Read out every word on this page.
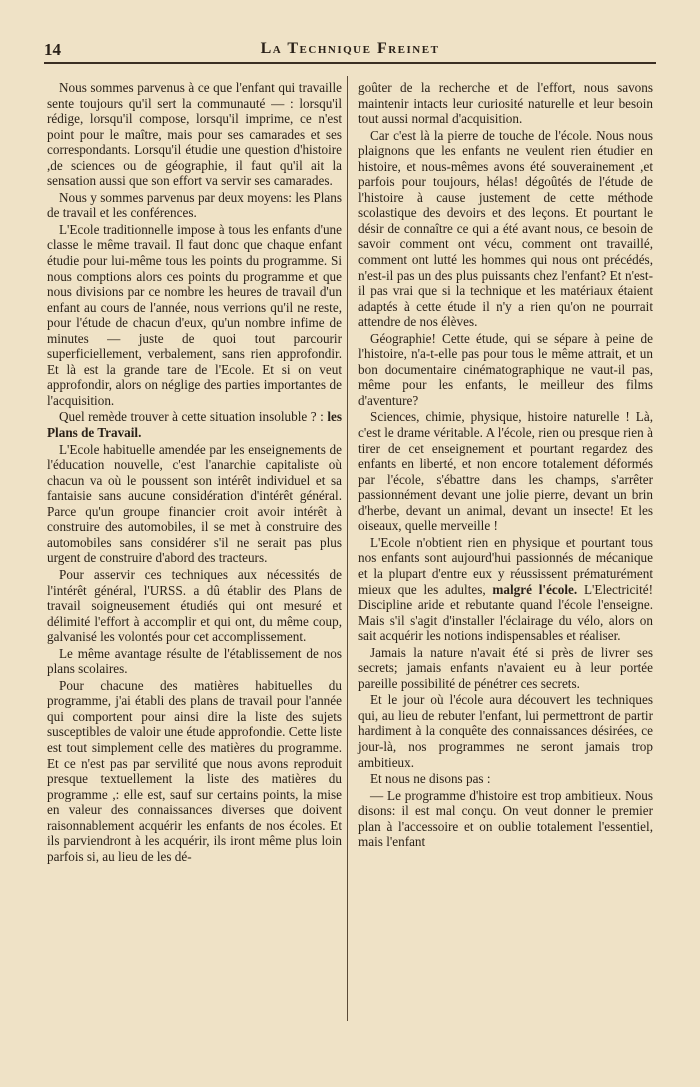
14	La Technique Freinet

Nous sommes parvenus à ce que l'enfant qui travaille sente toujours qu'il sert la communauté — : lorsqu'il rédige, lorsqu'il compose, lorsqu'il imprime, ce n'est point pour le maître, mais pour ses camarades et ses correspondants. Lorsqu'il étudie une question d'histoire ,de sciences ou de géographie, il faut qu'il ait la sensation aussi que son effort va servir ses camarades.

Nous y sommes parvenus par deux moyens: les Plans de travail et les conférences.

L'Ecole traditionnelle impose à tous les enfants d'une classe le même travail. Il faut donc que chaque enfant étudie pour lui-même tous les points du programme. Si nous comptions alors ces points du programme et que nous divisions par ce nombre les heures de travail d'un enfant au cours de l'année, nous verrions qu'il ne reste, pour l'étude de chacun d'eux, qu'un nombre infime de minutes — juste de quoi tout parcourir superficiellement, verbalement, sans rien approfondir. Et là est la grande tare de l'Ecole. Et si on veut approfondir, alors on néglige des parties importantes de l'acquisition.

Quel remède trouver à cette situation insoluble ? : les Plans de Travail.

L'Ecole habituelle amendée par les enseignements de l'éducation nouvelle, c'est l'anarchie capitaliste où chacun va où le poussent son intérêt individuel et sa fantaisie sans aucune considération d'intérêt général. Parce qu'un groupe financier croit avoir intérêt à construire des automobiles, il se met à construire des automobiles sans considérer s'il ne serait pas plus urgent de construire d'abord des tracteurs.

Pour asservir ces techniques aux nécessités de l'intérêt général, l'URSS. a dû établir des Plans de travail soigneusement étudiés qui ont mesuré et délimité l'effort à accomplir et qui ont, du même coup, galvanisé les volontés pour cet accomplissement.

Le même avantage résulte de l'établissement de nos plans scolaires.

Pour chacune des matières habituelles du programme, j'ai établi des plans de travail pour l'année qui comportent pour ainsi dire la liste des sujets susceptibles de valoir une étude approfondie. Cette liste est tout simplement celle des matières du programme. Et ce n'est pas par servilité que nous avons reproduit presque textuellement la liste des matières du programme ,: elle est, sauf sur certains points, la mise en valeur des connaissances diverses que doivent raisonnablement acquérir les enfants de nos écoles. Et ils parviendront à les acquérir, ils iront même plus loin parfois si, au lieu de les dé-

goûter de la recherche et de l'effort, nous savons maintenir intacts leur curiosité naturelle et leur besoin tout aussi normal d'acquisition.

Car c'est là la pierre de touche de l'école. Nous nous plaignons que les enfants ne veulent rien étudier en histoire, et nous-mêmes avons été souverainement ,et parfois pour toujours, hélas! dégoûtés de l'étude de l'histoire à cause justement de cette méthode scolastique des devoirs et des leçons. Et pourtant le désir de connaître ce qui a été avant nous, ce besoin de savoir comment ont vécu, comment ont travaillé, comment ont lutté les hommes qui nous ont précédés, n'est-il pas un des plus puissants chez l'enfant? Et n'est-il pas vrai que si la technique et les matériaux étaient adaptés à cette étude il n'y a rien qu'on ne pourrait attendre de nos élèves.

Géographie! Cette étude, qui se sépare à peine de l'histoire, n'a-t-elle pas pour tous le même attrait, et un bon documentaire cinématographique ne vaut-il pas, même pour les enfants, le meilleur des films d'aventure?

Sciences, chimie, physique, histoire naturelle ! Là, c'est le drame véritable. A l'école, rien ou presque rien à tirer de cet enseignement et pourtant regardez des enfants en liberté, et non encore totalement déformés par l'école, s'ébattre dans les champs, s'arrêter passionnément devant une jolie pierre, devant un brin d'herbe, devant un animal, devant un insecte! Et les oiseaux, quelle merveille !

L'Ecole n'obtient rien en physique et pourtant tous nos enfants sont aujourd'hui passionnés de mécanique et la plupart d'entre eux y réussissent prématurément mieux que les adultes, malgré l'école. L'Electricité! Discipline aride et rebutante quand l'école l'enseigne. Mais s'il s'agit d'installer l'éclairage du vélo, alors on sait acquérir les notions indispensables et réaliser.

Jamais la nature n'avait été si près de livrer ses secrets; jamais enfants n'avaient eu à leur portée pareille possibilité de pénétrer ces secrets.

Et le jour où l'école aura découvert les techniques qui, au lieu de rebuter l'enfant, lui permettront de partir hardiment à la conquête des connaissances désirées, ce jour-là, nos programmes ne seront jamais trop ambitieux.

Et nous ne disons pas :

— Le programme d'histoire est trop ambitieux. Nous disons: il est mal conçu. On veut donner le premier plan à l'accessoire et on oublie totalement l'essentiel, mais l'enfant
